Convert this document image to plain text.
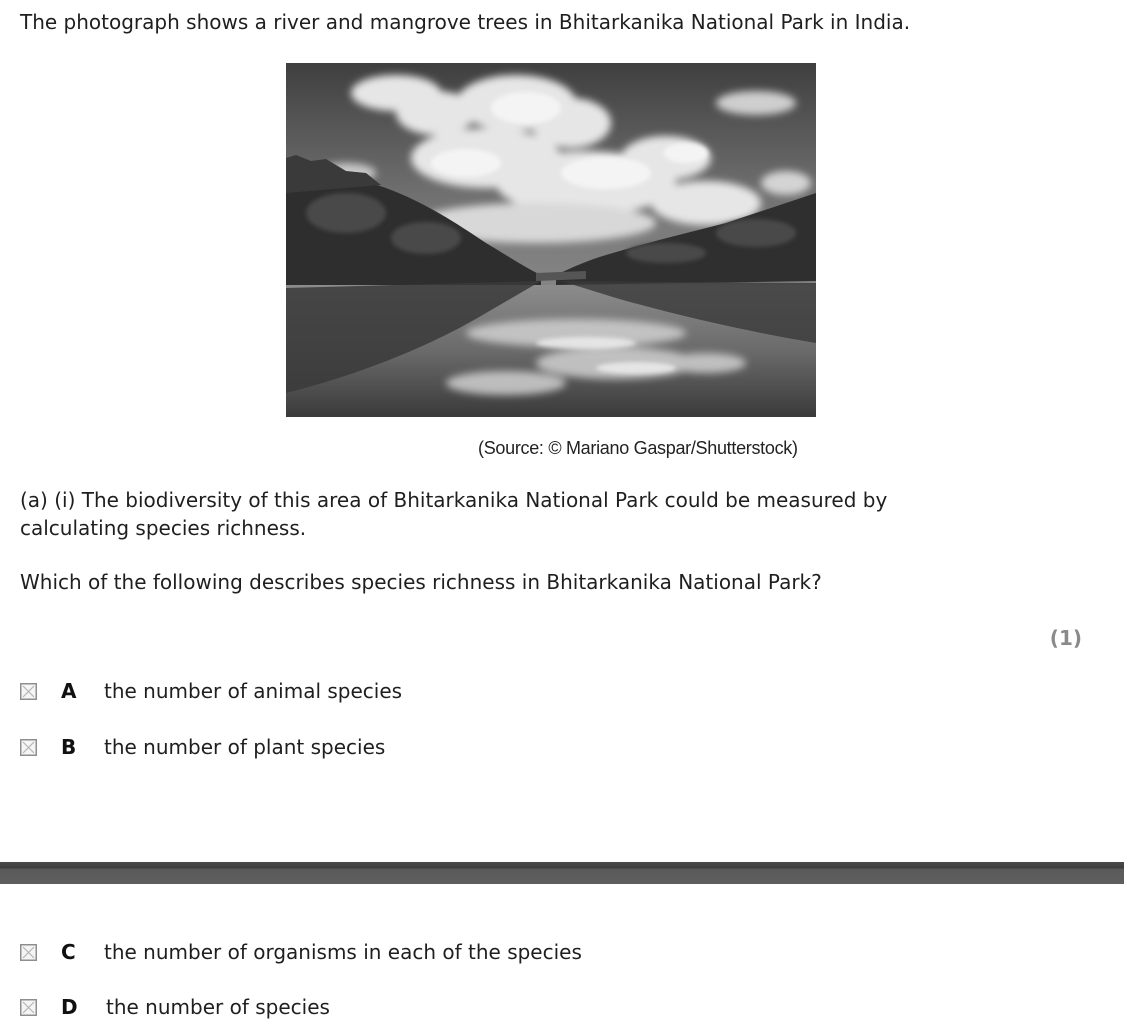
The photograph shows a river and mangrove trees in Bhitarkanika National Park in India.

(Source: © Mariano Gaspar/Shutterstock)
(a) (i) The biodiversity of this area of Bhitarkanika National Park could be measured by
calculating species richness.

Which of the following describes species richness in Bhitarkanika National Park?

(1)
A the number of animal species
B the number of plant species
C the number of organisms in each of the species
D the number of species
